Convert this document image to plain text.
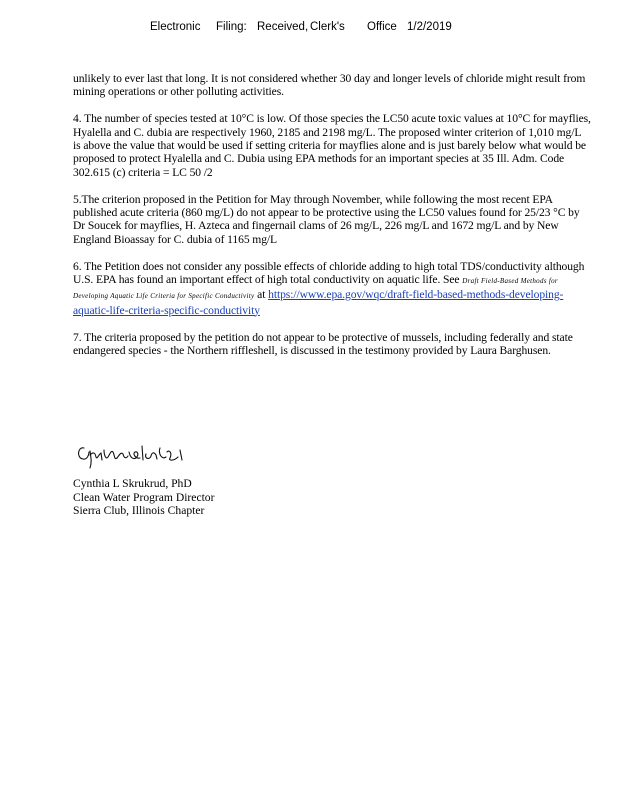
Electronic Filing: Received, Clerk's Office 1/2/2019

unlikely to ever last that long. It is not considered whether 30 day and longer levels of chloride might result from mining operations or other polluting activities.

4. The number of species tested at 10°C is low. Of those species the LC50 acute toxic values at 10°C for mayflies, Hyalella and C. dubia are respectively 1960, 2185 and 2198 mg/L. The proposed winter criterion of 1,010 mg/L is above the value that would be used if setting criteria for mayflies alone and is just barely below what would be proposed to protect Hyalella and C. Dubia using EPA methods for an important species at 35 Ill. Adm. Code 302.615 (c) criteria = LC 50 /2

5.The criterion proposed in the Petition for May through November, while following the most recent EPA published acute criteria (860 mg/L) do not appear to be protective using the LC50 values found for 25/23 °C by Dr Soucek for mayflies, H. Azteca and fingernail clams of 26 mg/L, 226 mg/L and 1672 mg/L and by New England Bioassay for C. dubia of 1165 mg/L

6. The Petition does not consider any possible effects of chloride adding to high total TDS/conductivity although U.S. EPA has found an important effect of high total conductivity on aquatic life. See Draft Field-Based Methods for Developing Aquatic Life Criteria for Specific Conductivity at https://www.epa.gov/wqc/draft-field-based-methods-developing-aquatic-life-criteria-specific-conductivity

7. The criteria proposed by the petition do not appear to be protective of mussels, including federally and state endangered species - the Northern riffleshell, is discussed in the testimony provided by Laura Barghusen.

Cynthia L Skrukrud, PhD
Clean Water Program Director
Sierra Club, Illinois Chapter
